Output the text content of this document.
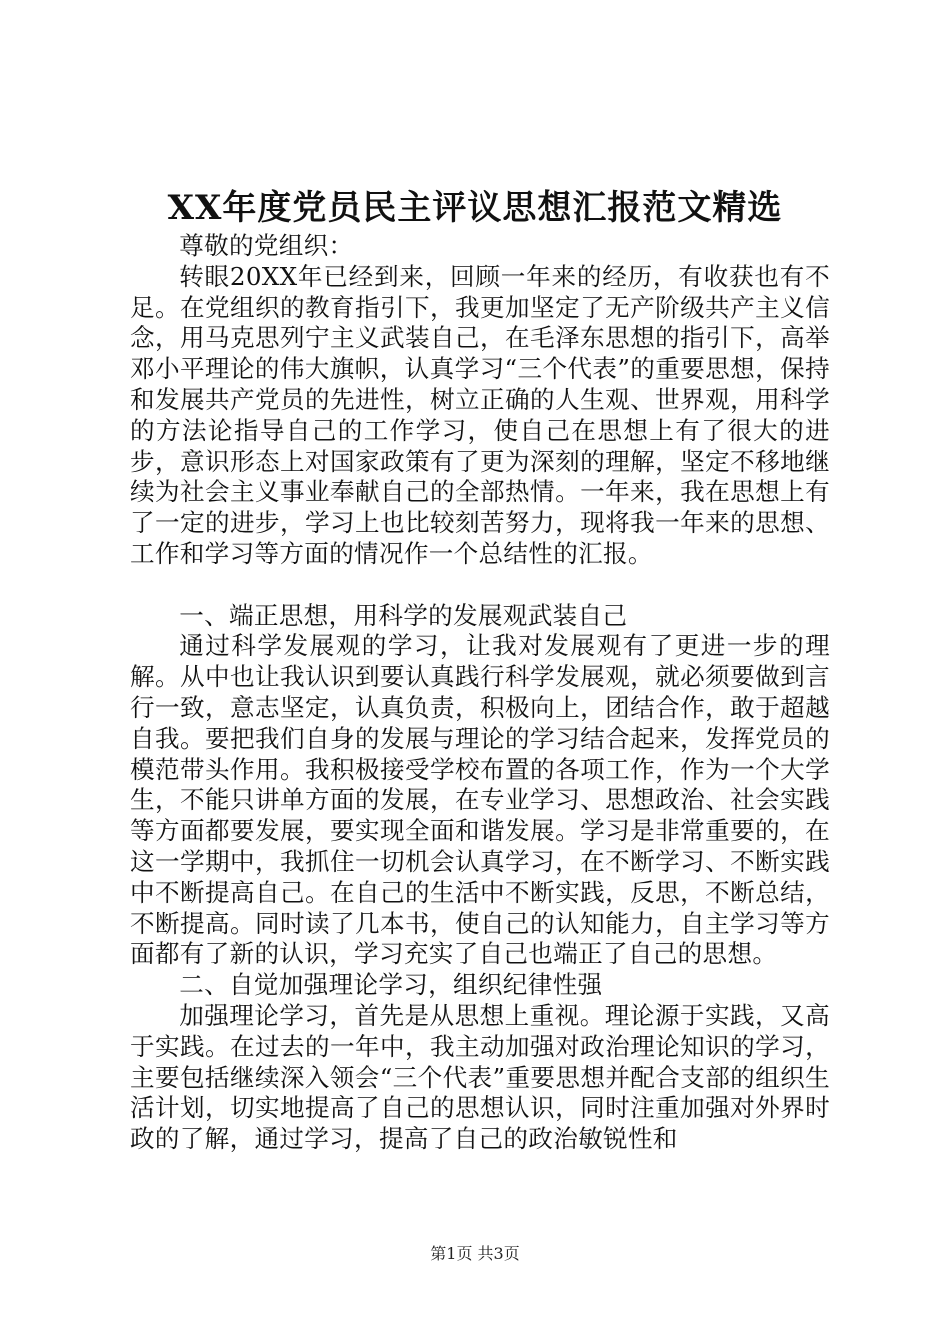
XX年度党员民主评议思想汇报范文精选

尊敬的党组织：

转眼20XX年已经到来，回顾一年来的经历，有收获也有不足。在党组织的教育指引下，我更加坚定了无产阶级共产主义信念，用马克思列宁主义武装自己，在毛泽东思想的指引下，高举邓小平理论的伟大旗帜，认真学习“三个代表”的重要思想，保持和发展共产党员的先进性，树立正确的人生观、世界观，用科学的方法论指导自己的工作学习，使自己在思想上有了很大的进步，意识形态上对国家政策有了更为深刻的理解，坚定不移地继续为社会主义事业奉献自己的全部热情。一年来，我在思想上有了一定的进步，学习上也比较刻苦努力，现将我一年来的思想、工作和学习等方面的情况作一个总结性的汇报。

一、端正思想，用科学的发展观武装自己

通过科学发展观的学习，让我对发展观有了更进一步的理解。从中也让我认识到要认真践行科学发展观，就必须要做到言行一致，意志坚定，认真负责，积极向上，团结合作，敢于超越自我。要把我们自身的发展与理论的学习结合起来，发挥党员的模范带头作用。我积极接受学校布置的各项工作，作为一个大学生，不能只讲单方面的发展，在专业学习、思想政治、社会实践等方面都要发展，要实现全面和谐发展。学习是非常重要的，在这一学期中，我抓住一切机会认真学习，在不断学习、不断实践中不断提高自己。在自己的生活中不断实践，反思，不断总结，不断提高。同时读了几本书，使自己的认知能力，自主学习等方面都有了新的认识，学习充实了自己也端正了自己的思想。

二、自觉加强理论学习，组织纪律性强

加强理论学习，首先是从思想上重视。理论源于实践，又高于实践。在过去的一年中，我主动加强对政治理论知识的学习，主要包括继续深入领会“三个代表”重要思想并配合支部的组织生活计划，切实地提高了自己的思想认识，同时注重加强对外界时政的了解，通过学习，提高了自己的政治敏锐性和

第1页 共3页
